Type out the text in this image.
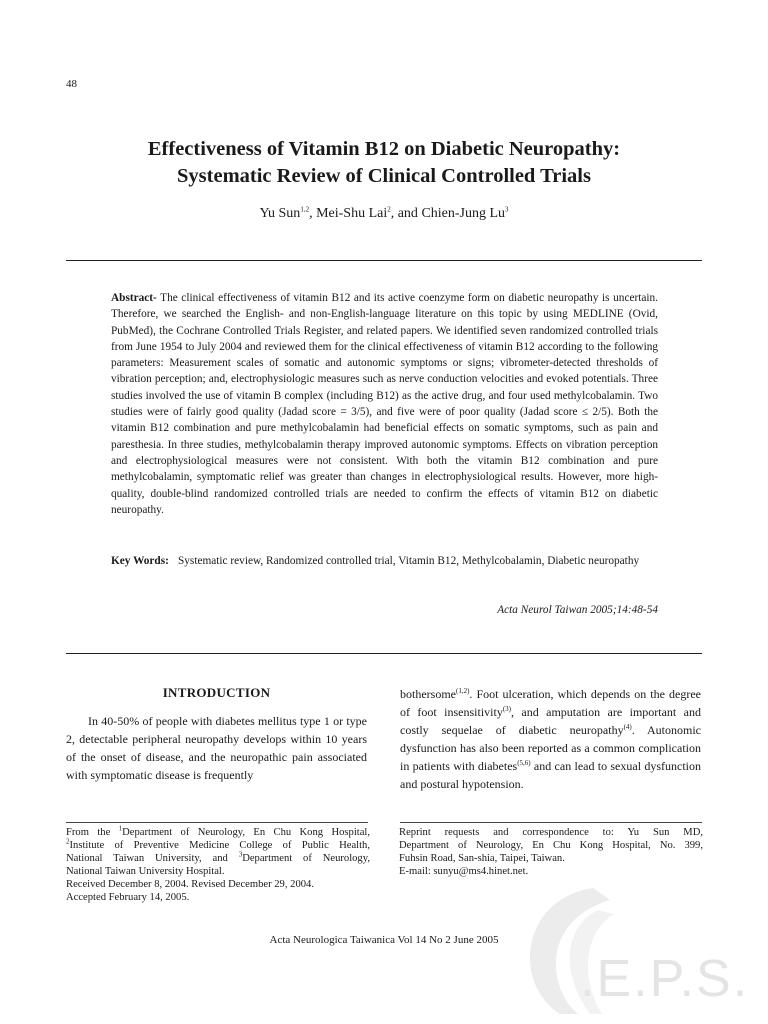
48
Effectiveness of Vitamin B12 on Diabetic Neuropathy:
Systematic Review of Clinical Controlled Trials
Yu Sun$^{1,2}$, Mei-Shu Lai$^2$, and Chien-Jung Lu$^3$
Abstract- The clinical effectiveness of vitamin B12 and its active coenzyme form on diabetic neuropathy is uncertain. Therefore, we searched the English- and non-English-language literature on this topic by using MEDLINE (Ovid, PubMed), the Cochrane Controlled Trials Register, and related papers. We identified seven randomized controlled trials from June 1954 to July 2004 and reviewed them for the clinical effectiveness of vitamin B12 according to the following parameters: Measurement scales of somatic and autonomic symptoms or signs; vibrometer-detected thresholds of vibration perception; and, electrophysiologic measures such as nerve conduction velocities and evoked potentials. Three studies involved the use of vitamin B complex (including B12) as the active drug, and four used methylcobalamin. Two studies were of fairly good quality (Jadad score = 3/5), and five were of poor quality (Jadad score ≤ 2/5). Both the vitamin B12 combination and pure methylcobalamin had beneficial effects on somatic symptoms, such as pain and paresthesia. In three studies, methylcobalamin therapy improved autonomic symptoms. Effects on vibration perception and electrophysiological measures were not consistent. With both the vitamin B12 combination and pure methylcobalamin, symptomatic relief was greater than changes in electrophysiological results. However, more high-quality, double-blind randomized controlled trials are needed to confirm the effects of vitamin B12 on diabetic neuropathy.
Key Words: Systematic review, Randomized controlled trial, Vitamin B12, Methylcobalamin, Diabetic neuropathy
Acta Neurol Taiwan 2005;14:48-54
INTRODUCTION

In 40-50% of people with diabetes mellitus type 1 or type 2, detectable peripheral neuropathy develops within 10 years of the onset of disease, and the neuropathic pain associated with symptomatic disease is frequently

bothersome$^{(1,2)}$. Foot ulceration, which depends on the degree of foot insensitivity$^{(3)}$, and amputation are important and costly sequelae of diabetic neuropathy$^{(4)}$. Autonomic dysfunction has also been reported as a common complication in patients with diabetes$^{(5,6)}$ and can lead to sexual dysfunction and postural hypotension.

From the $^1$Department of Neurology, En Chu Kong Hospital,
$^2$Institute of Preventive Medicine College of Public Health,
National Taiwan University, and $^3$Department of Neurology,
National Taiwan University Hospital.
Received December 8, 2004. Revised December 29, 2004.
Accepted February 14, 2005.
Reprint requests and correspondence to: Yu Sun MD,
Department of Neurology, En Chu Kong Hospital, No. 399,
Fuhsin Road, San-shia, Taipei, Taiwan.
E-mail: sunyu@ms4.hinet.net.
Acta Neurologica Taiwanica Vol 14 No 2 June 2005
.E.P.S.
